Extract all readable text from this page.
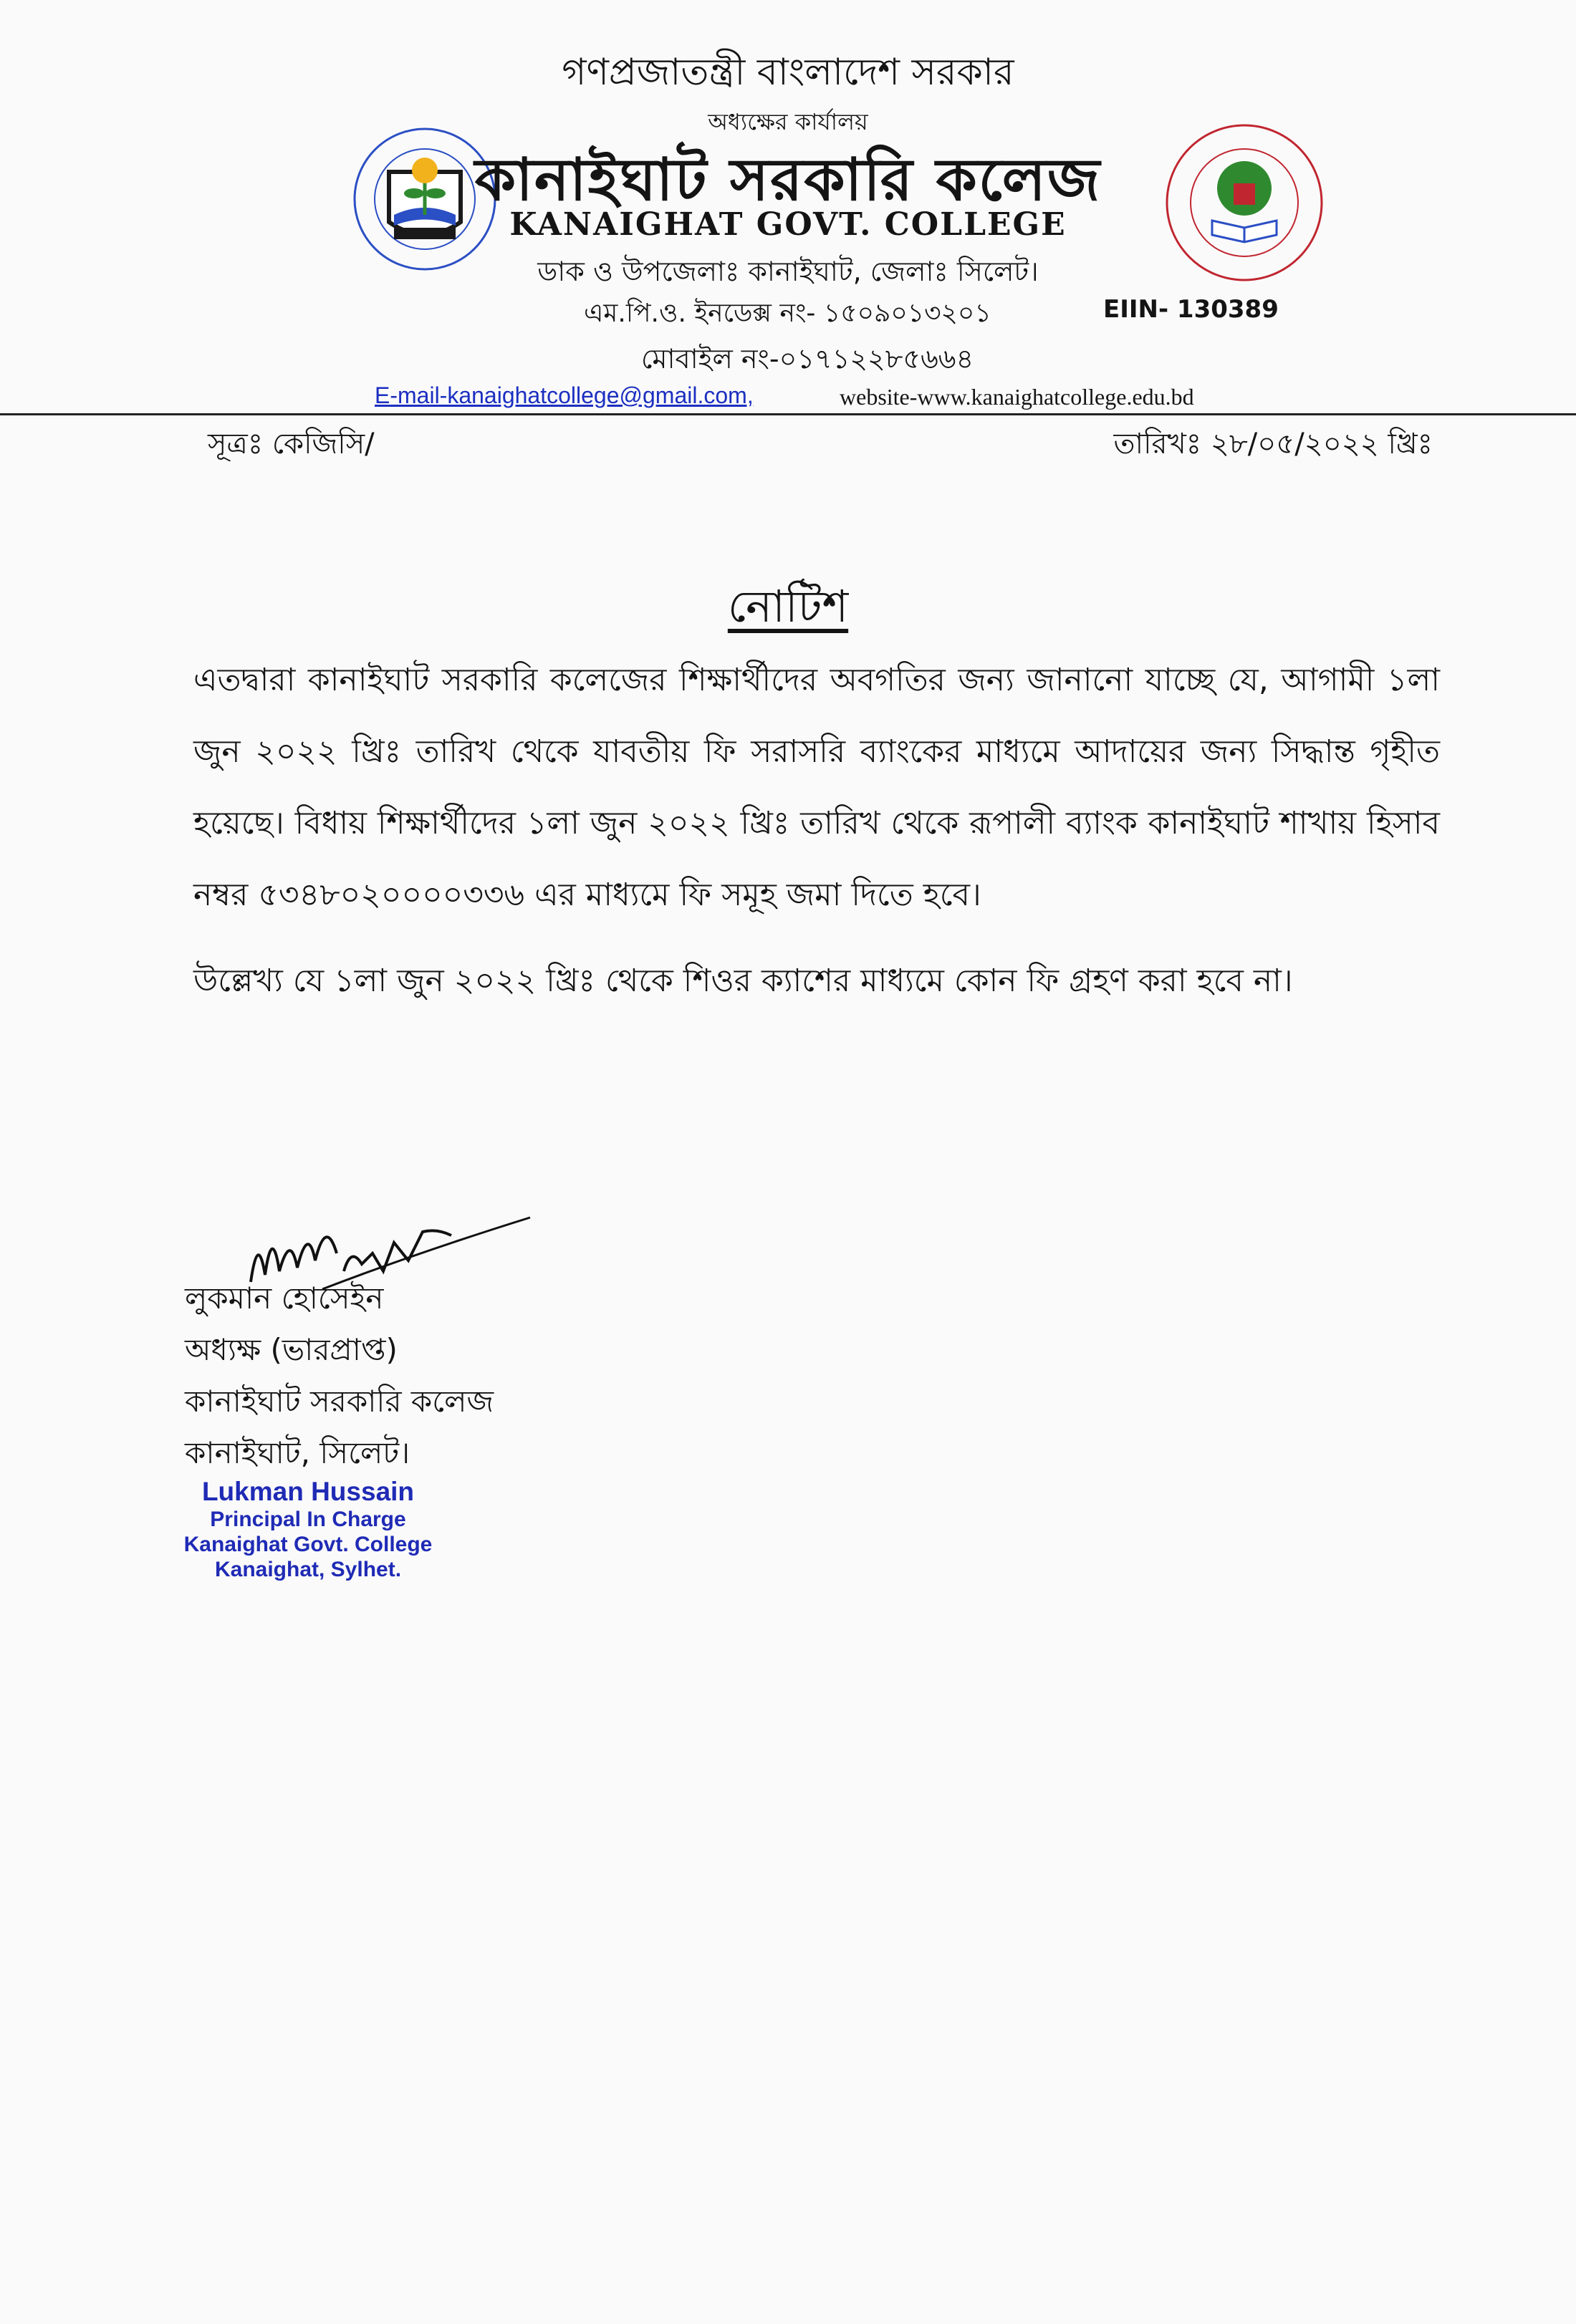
গণপ্রজাতন্ত্রী বাংলাদেশ সরকার
অধ্যক্ষের কার্যালয়
কানাইঘাট সরকারি কলেজ
KANAIGHAT GOVT. COLLEGE
ডাক ও উপজেলাঃ কানাইঘাট, জেলাঃ সিলেট।
এম.পি.ও. ইনডেক্স নং- ১৫০৯০১৩২০১	EIIN- 130389
মোবাইল নং-০১৭১২২৮৫৬৬৪
E-mail-kanaighatcollege@gmail.com,	website-www.kanaighatcollege.edu.bd
সূত্রঃ কেজিসি/	তারিখঃ ২৮/০৫/২০২২ খ্রিঃ
নোটিশ
এতদ্বারা কানাইঘাট সরকারি কলেজের শিক্ষার্থীদের অবগতির জন্য জানানো যাচ্ছে যে, আগামী ১লা জুন ২০২২ খ্রিঃ তারিখ থেকে যাবতীয় ফি সরাসরি ব্যাংকের মাধ্যমে আদায়ের জন্য সিদ্ধান্ত গৃহীত হয়েছে। বিধায় শিক্ষার্থীদের ১লা জুন ২০২২ খ্রিঃ তারিখ থেকে রূপালী ব্যাংক কানাইঘাট শাখায় হিসাব নম্বর ৫৩৪৮০২০০০০৩৩৬ এর মাধ্যমে ফি সমূহ জমা দিতে হবে।
উল্লেখ্য যে ১লা জুন ২০২২ খ্রিঃ থেকে শিওর ক্যাশের মাধ্যমে কোন ফি গ্রহণ করা হবে না।
লুকমান হোসেইন
অধ্যক্ষ (ভারপ্রাপ্ত)
কানাইঘাট সরকারি কলেজ
কানাইঘাট, সিলেট।
Lukman Hussain
Principal In Charge
Kanaighat Govt. College
Kanaighat, Sylhet.
